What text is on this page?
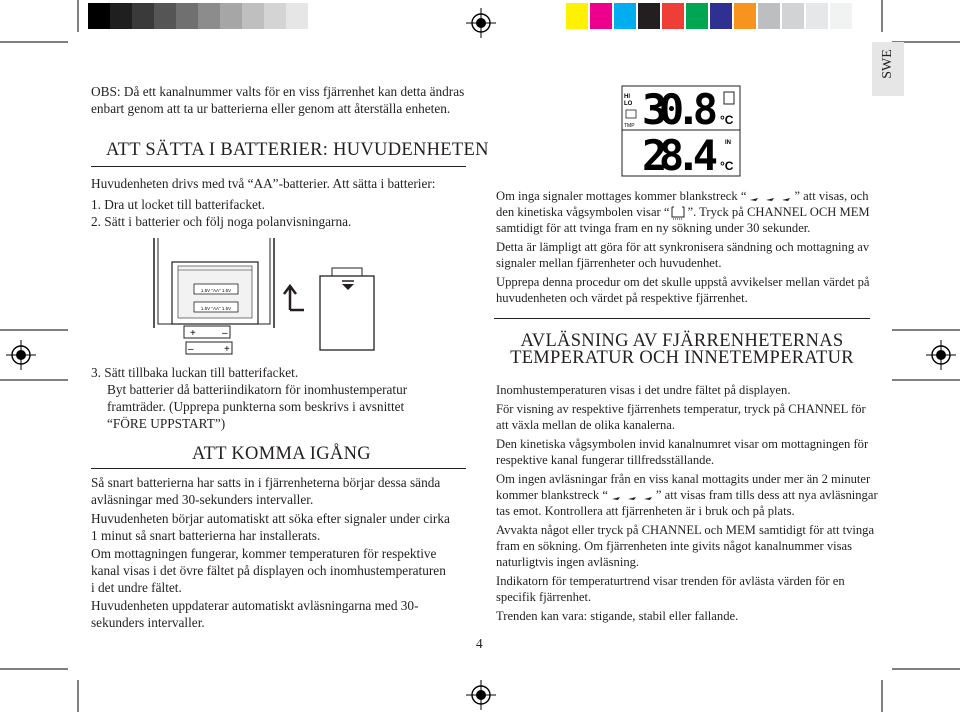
SWE
OBS: Då ett kanalnummer valts för en viss fjärrenhet kan detta ändras
enbart genom att ta ur batterierna eller genom att återställa enheten.
ATT SÄTTA I BATTERIER: HUVUDENHETEN
Huvudenheten drivs med två “AA”-batterier. Att sätta i batterier:
1. Dra ut locket till batterifacket.
2. Sätt i batterier och följ noga polanvisningarna.
1.5V "AA" 1.5V
1.5V "AA" 1.5V
+	–
–	+
3. Sätt tillbaka luckan till batterifacket.
Byt batterier då batteriindikatorn för inomhustemperatur
framträder. (Upprepa punkterna som beskrivs i avsnittet
“FÖRE UPPSTART”)
ATT KOMMA IGÅNG
Så snart batterierna har satts in i fjärrenheterna börjar dessa sända
avläsningar med 30-sekunders intervaller.
Huvudenheten börjar automatiskt att söka efter signaler under cirka
1 minut så snart batterierna har installerats.
Om mottagningen fungerar, kommer temperaturen för respektive
kanal visas i det övre fältet på displayen och inomhustemperaturen
i det undre fältet.
Huvudenheten uppdaterar automatiskt avläsningarna med 30-
sekunders intervaller.
4
HI
LO
TMP 30.8 °C
IN
28.4 °C
Om inga signaler mottages kommer blankstreck “	” att visas, och
den kinetiska vågsymbolen visar “ ”. Tryck på CHANNEL OCH MEM
samtidigt för att tvinga fram en ny sökning under 30 sekunder.
Detta är lämpligt att göra för att synkronisera sändning och mottagning av
signaler mellan fjärrenheter och huvudenhet.
Upprepa denna procedur om det skulle uppstå avvikelser mellan värdet på
huvudenheten och värdet på respektive fjärrenhet.
AVLÄSNING AV FJÄRRENHETERNAS
TEMPERATUR OCH INNETEMPERATUR
Inomhustemperaturen visas i det undre fältet på displayen.
För visning av respektive fjärrenhets temperatur, tryck på CHANNEL för
att växla mellan de olika kanalerna.
Den kinetiska vågsymbolen invid kanalnumret visar om mottagningen för
respektive kanal fungerar tillfredsställande.
Om ingen avläsningar från en viss kanal mottagits under mer än 2 minuter
kommer blankstreck “	” att visas fram tills dess att nya avläsningar
tas emot. Kontrollera att fjärrenheten är i bruk och på plats.
Avvakta något eller tryck på CHANNEL och MEM samtidigt för att tvinga
fram en sökning. Om fjärrenheten inte givits något kanalnummer visas
naturligtvis ingen avläsning.
Indikatorn för temperaturtrend visar trenden för avlästa värden för en
specifik fjärrenhet.
Trenden kan vara: stigande, stabil eller fallande.
